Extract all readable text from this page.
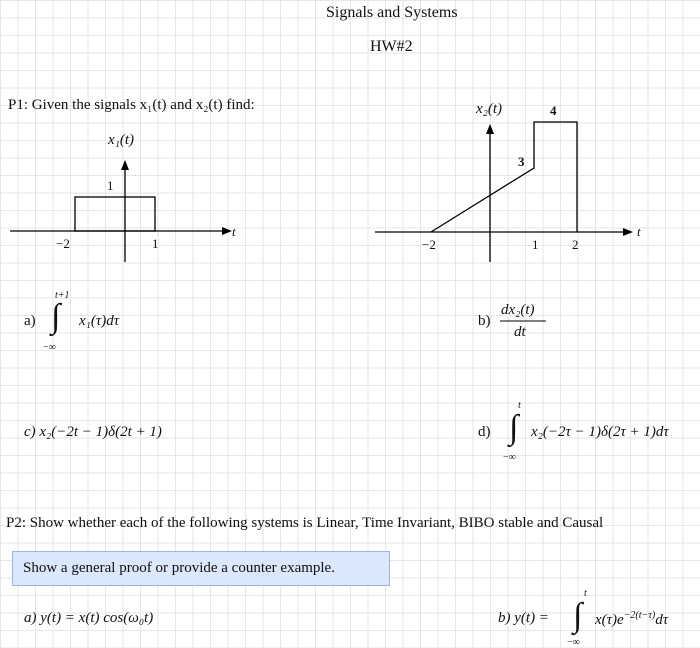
Signals and Systems
HW#2
P1: Given the signals x₁(t) and x₂(t) find:
x₁(t)
1
−2	1
t
x₂(t)	4
3
−2	1	2
t
a)
t+1
∫
−∞
x₁(τ)dτ	b)
dx₂(t)
dt
c) x₂(−2t − 1)δ(2t + 1)	d)
t
∫
−∞
x₂(−2τ − 1)δ(2τ + 1)dτ
P2: Show whether each of the following systems is Linear, Time Invariant, BIBO stable and Causal
Show a general proof or provide a counter example.
a) y(t) = x(t) cos(ω₀t)	b) y(t) =
t
∫
−∞
$x(\tau)e^{-2(t-\tau)}d\tau$
